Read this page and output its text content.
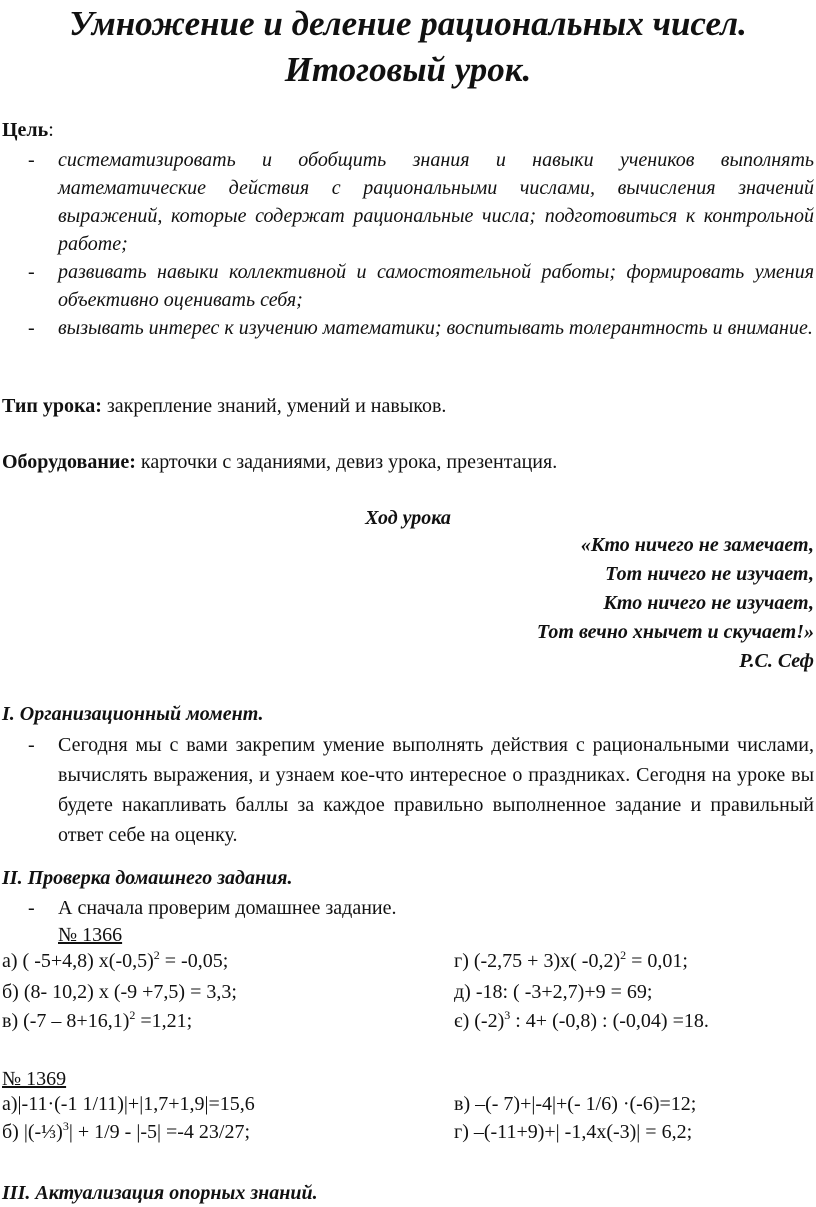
Умножение и деление рациональных чисел.

Итоговый урок.

Цель:
- систематизировать и обобщить знания и навыки учеников выполнять математические действия с рациональными числами, вычисления значений выражений, которые содержат рациональные числа; подготовиться к контрольной работе;
- развивать навыки коллективной и самостоятельной работы; формировать умения объективно оценивать себя;
- вызывать интерес к изучению математики; воспитывать толерантность и внимание.
Тип урока: закрепление знаний, умений и навыков.
Оборудование: карточки с заданиями, девиз урока, презентация.
Ход урока
«Кто ничего не замечает,
Тот ничего не изучает,
Кто ничего не изучает,
Тот вечно хнычет и скучает!»
Р.С. Сеф
I. Организационный момент.
- Сегодня мы с вами закрепим умение выполнять действия с рациональными числами, вычислять выражения, и узнаем кое-что интересное о праздниках. Сегодня на уроке вы будете накапливать баллы за каждое правильно выполненное задание и правильный ответ себе на оценку.
II. Проверка домашнего задания.
- А сначала проверим домашнее задание.
№ 1366
а) ( -5+4,8) $х(-0,5)^2 = -0,05$;	г) (-2,75 + 3)х( -0,2)$^2$ = 0,01;
б) (8- 10,2) х (-9 +7,5) = 3,3;	д) -18: ( -3+2,7)+9 = 69;
в) $(-7 - 8+16,1)^2 =1,21$;	є) $(-2)^3$ : 4+ (-0,8) : (-0,04) =18.
№ 1369
а)|-11·(-1 1/11)|+|1,7+1,9|=15,6	в) –(- 7)+|-4|+(- 1/6) ·(-6)=12;
б) |(-⅓)$^3$| + 1/9 - |-5| =-4 23/27;	г) –(-11+9)+| -1,4х(-3)| = 6,2;
III. Актуализация опорных знаний.
